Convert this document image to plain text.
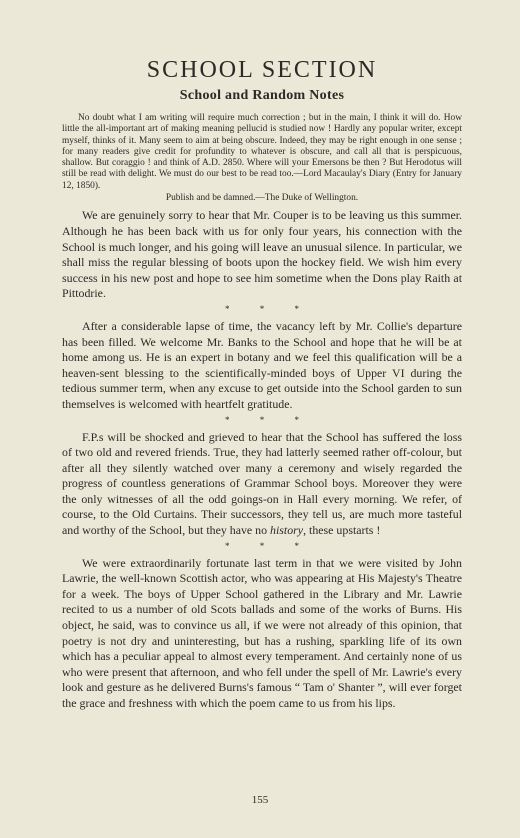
SCHOOL SECTION
School and Random Notes

No doubt what I am writing will require much correction ; but in the main, I think it will do. How little the all-important art of making meaning pellucid is studied now ! Hardly any popular writer, except myself, thinks of it. Many seem to aim at being obscure. Indeed, they may be right enough in one sense ; for many readers give credit for profundity to whatever is obscure, and call all that is perspicuous, shallow. But coraggio ! and think of A.D. 2850. Where will your Emersons be then ? But Herodotus will still be read with delight. We must do our best to be read too.—Lord Macaulay's Diary (Entry for January 12, 1850).

Publish and be damned.—The Duke of Wellington.

We are genuinely sorry to hear that Mr. Couper is to be leaving us this summer. Although he has been back with us for only four years, his connection with the School is much longer, and his going will leave an unusual silence. In particular, we shall miss the regular blessing of boots upon the hockey field. We wish him every success in his new post and hope to see him sometime when the Dons play Raith at Pittodrie.

* * *

After a considerable lapse of time, the vacancy left by Mr. Collie's departure has been filled. We welcome Mr. Banks to the School and hope that he will be at home among us. He is an expert in botany and we feel this qualification will be a heaven-sent blessing to the scientifically-minded boys of Upper VI during the tedious summer term, when any excuse to get outside into the School garden to sun themselves is welcomed with heartfelt gratitude.

* * *

F.P.s will be shocked and grieved to hear that the School has suffered the loss of two old and revered friends. True, they had latterly seemed rather off-colour, but after all they silently watched over many a ceremony and wisely regarded the progress of countless generations of Grammar School boys. Moreover they were the only witnesses of all the odd goings-on in Hall every morning. We refer, of course, to the Old Curtains. Their successors, they tell us, are much more tasteful and worthy of the School, but they have no history, these upstarts !

* * *

We were extraordinarily fortunate last term in that we were visited by John Lawrie, the well-known Scottish actor, who was appearing at His Majesty's Theatre for a week. The boys of Upper School gathered in the Library and Mr. Lawrie recited to us a number of old Scots ballads and some of the works of Burns. His object, he said, was to convince us all, if we were not already of this opinion, that poetry is not dry and uninteresting, but has a rushing, sparkling life of its own which has a peculiar appeal to almost every temperament. And certainly none of us who were present that afternoon, and who fell under the spell of Mr. Lawrie's every look and gesture as he delivered Burns's famous “ Tam o' Shanter ”, will ever forget the grace and freshness with which the poem came to us from his lips.

155
